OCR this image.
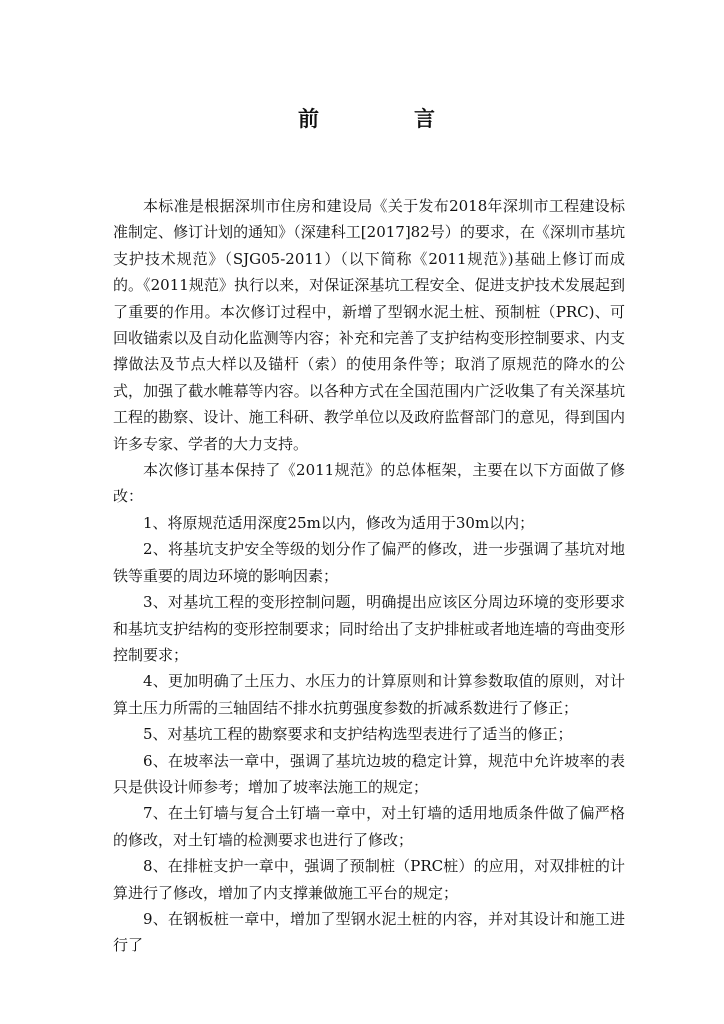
前	言

本标准是根据深圳市住房和建设局《关于发布2018年深圳市工程建设标准制定、修订计划的通知》（深建科工[2017]82号）的要求，在《深圳市基坑支护技术规范》（SJG05-2011）（以下简称《2011规范》)基础上修订而成的。《2011规范》执行以来，对保证深基坑工程安全、促进支护技术发展起到了重要的作用。本次修订过程中，新增了型钢水泥土桩、预制桩（PRC)、可回收锚索以及自动化监测等内容；补充和完善了支护结构变形控制要求、内支撑做法及节点大样以及锚杆（索）的使用条件等；取消了原规范的降水的公式，加强了截水帷幕等内容。以各种方式在全国范围内广泛收集了有关深基坑工程的勘察、设计、施工科研、教学单位以及政府监督部门的意见，得到国内许多专家、学者的大力支持。

本次修订基本保持了《2011规范》的总体框架，主要在以下方面做了修改：

1、将原规范适用深度25m以内，修改为适用于30m以内；

2、将基坑支护安全等级的划分作了偏严的修改，进一步强调了基坑对地铁等重要的周边环境的影响因素；

3、对基坑工程的变形控制问题，明确提出应该区分周边环境的变形要求和基坑支护结构的变形控制要求；同时给出了支护排桩或者地连墙的弯曲变形控制要求；

4、更加明确了土压力、水压力的计算原则和计算参数取值的原则，对计算土压力所需的三轴固结不排水抗剪强度参数的折减系数进行了修正；

5、对基坑工程的勘察要求和支护结构选型表进行了适当的修正；

6、在坡率法一章中，强调了基坑边坡的稳定计算，规范中允许坡率的表只是供设计师参考；增加了坡率法施工的规定；

7、在土钉墙与复合土钉墙一章中，对土钉墙的适用地质条件做了偏严格的修改，对土钉墙的检测要求也进行了修改；

8、在排桩支护一章中，强调了预制桩（PRC桩）的应用，对双排桩的计算进行了修改，增加了内支撑兼做施工平台的规定；

9、在钢板桩一章中，增加了型钢水泥土桩的内容，并对其设计和施工进行了
